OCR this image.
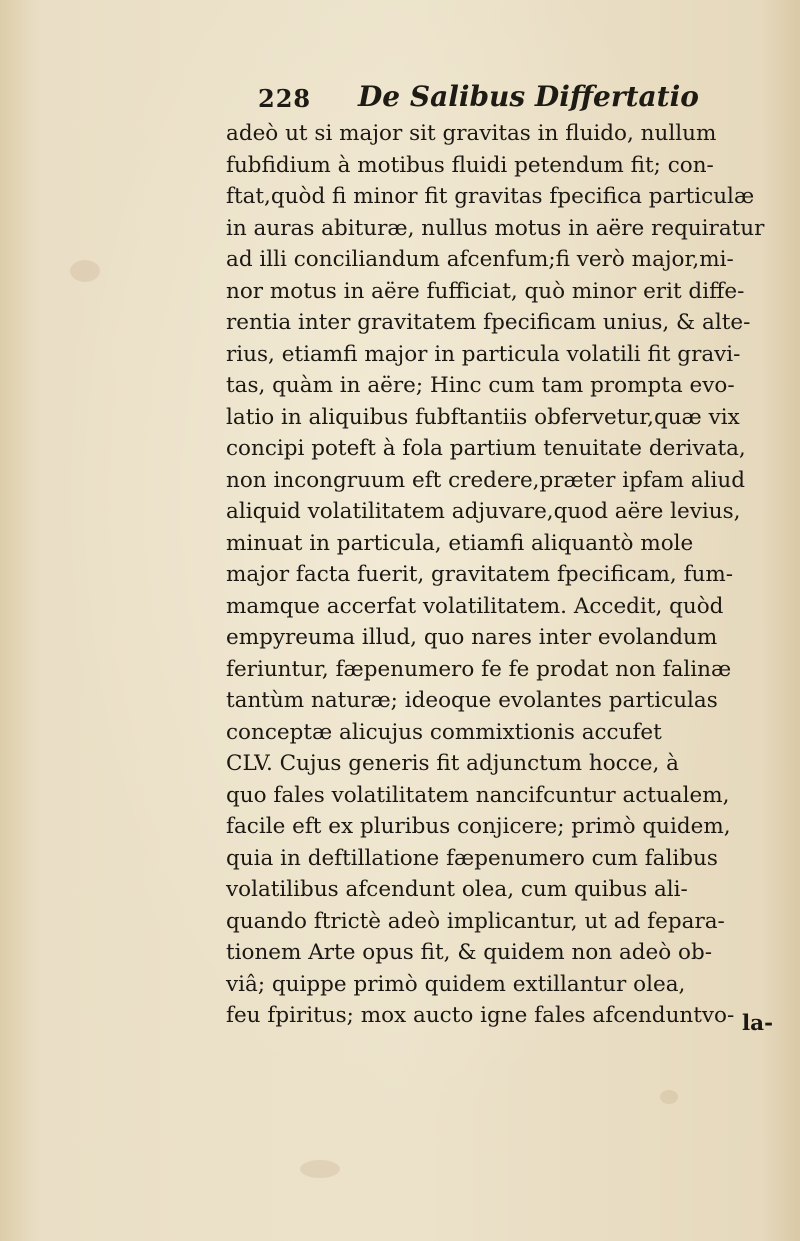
228 De Salibus Differtatio
adeò ut si major sit gravitas in fluido, nullum
fubfidium à motibus fluidi petendum fit; con-
ftat,quòd fi minor fit gravitas fpecifica particulæ
in auras abituræ, nullus motus in aëre requiratur
ad illi conciliandum afcenfum;fi verò major,mi-
nor motus in aëre fufficiat, quò minor erit diffe-
rentia inter gravitatem fpecificam unius, & alte-
rius, etiamfi major in particula volatili fit gravi-
tas, quàm in aëre; Hinc cum tam prompta evo-
latio in aliquibus fubftantiis obfervetur,quæ vix
concipi poteft à fola partium tenuitate derivata,
non incongruum eft credere,præter ipfam aliud
aliquid volatilitatem adjuvare,quod aëre levius,
minuat in particula, etiamfi aliquantò mole
major facta fuerit, gravitatem fpecificam, fum-
mamque accerfat volatilitatem. Accedit, quòd
empyreuma illud, quo nares inter evolandum
feriuntur, fæpenumero fe fe prodat non falinæ
tantùm naturæ; ideoque evolantes particulas
conceptæ alicujus commixtionis accufet
CLV. Cujus generis fit adjunctum hocce, à
quo fales volatilitatem nancifcuntur actualem,
facile eft ex pluribus conjicere; primò quidem,
quia in deftillatione fæpenumero cum falibus
volatilibus afcendunt olea, cum quibus ali-
quando ftrictè adeò implicantur, ut ad fepara-
tionem Arte opus fit, & quidem non adeò ob-
viâ; quippe primò quidem extillantur olea,
feu fpiritus; mox aucto igne fales afcenduntvo- la-
